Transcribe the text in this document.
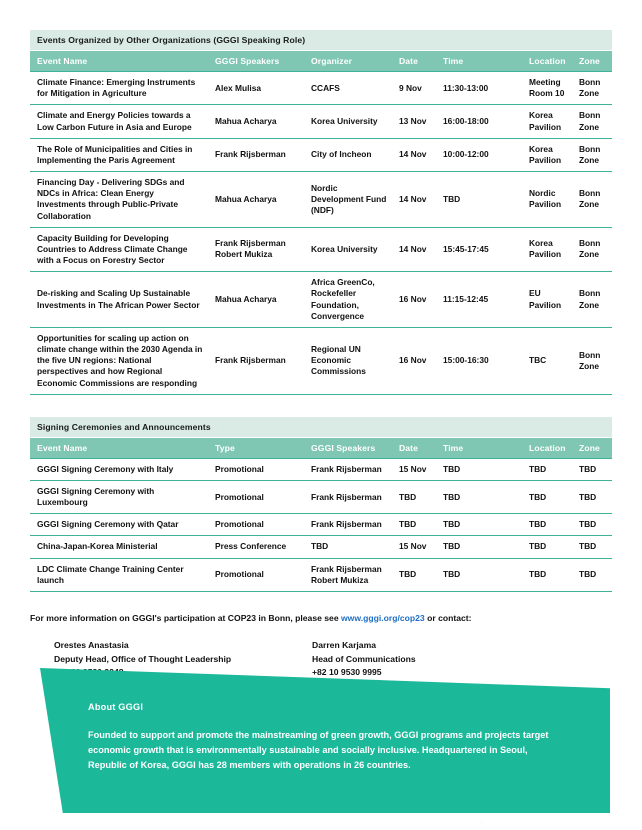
Events Organized by Other Organizations (GGGI Speaking Role)						
Event Name	GGGI Speakers	Organizer	Date	Time	Location	Zone
Climate Finance: Emerging Instruments for Mitigation in Agriculture	Alex Mulisa	CCAFS	9 Nov	11:30-13:00	Meeting Room 10	Bonn Zone
Climate and Energy Policies towards a Low Carbon Future in Asia and Europe	Mahua Acharya	Korea University	13 Nov	16:00-18:00	Korea Pavilion	Bonn Zone
The Role of Municipalities and Cities in Implementing the Paris Agreement	Frank Rijsberman	City of Incheon	14 Nov	10:00-12:00	Korea Pavilion	Bonn Zone
Financing Day - Delivering SDGs and NDCs in Africa: Clean Energy Investments through Public-Private Collaboration	Mahua Acharya	Nordic Development Fund (NDF)	14 Nov	TBD	Nordic Pavilion	Bonn Zone
Capacity Building for Developing Countries to Address Climate Change with a Focus on Forestry Sector	Frank Rijsberman Robert Mukiza	Korea University	14 Nov	15:45-17:45	Korea Pavilion	Bonn Zone
De-risking and Scaling Up Sustainable Investments in The African Power Sector	Mahua Acharya	Africa GreenCo, Rockefeller Foundation, Convergence	16 Nov	11:15-12:45	EU Pavilion	Bonn Zone
Opportunities for scaling up action on climate change within the 2030 Agenda in the five UN regions: National perspectives and how Regional Economic Commissions are responding	Frank Rijsberman	Regional UN Economic Commissions	16 Nov	15:00-16:30	TBC	Bonn Zone
Signing Ceremonies and Announcements						
Event Name	Type	GGGI Speakers	Date	Time	Location	Zone
GGGI Signing Ceremony with Italy	Promotional	Frank Rijsberman	15 Nov	TBD	TBD	TBD
GGGI Signing Ceremony with Luxembourg	Promotional	Frank Rijsberman	TBD	TBD	TBD	TBD
GGGI Signing Ceremony with Qatar	Promotional	Frank Rijsberman	TBD	TBD	TBD	TBD
China-Japan-Korea Ministerial	Press Conference	TBD	15 Nov	TBD	TBD	TBD
LDC Climate Change Training Center launch	Promotional	Frank Rijsberman Robert Mukiza	TBD	TBD	TBD	TBD
For more information on GGGI's participation at COP23 in Bonn, please see www.gggi.org/cop23 or contact:
Orestes Anastasia
Deputy Head, Office of Thought Leadership
Darren Karjama
Head of Communications
+82 10 9530 9995
About GGGI
Founded to support and promote the mainstreaming of green growth, GGGI programs and projects target economic growth that is environmentally sustainable and socially inclusive. Headquartered in Seoul, Republic of Korea, GGGI has 28 members with operations in 26 countries.
··
